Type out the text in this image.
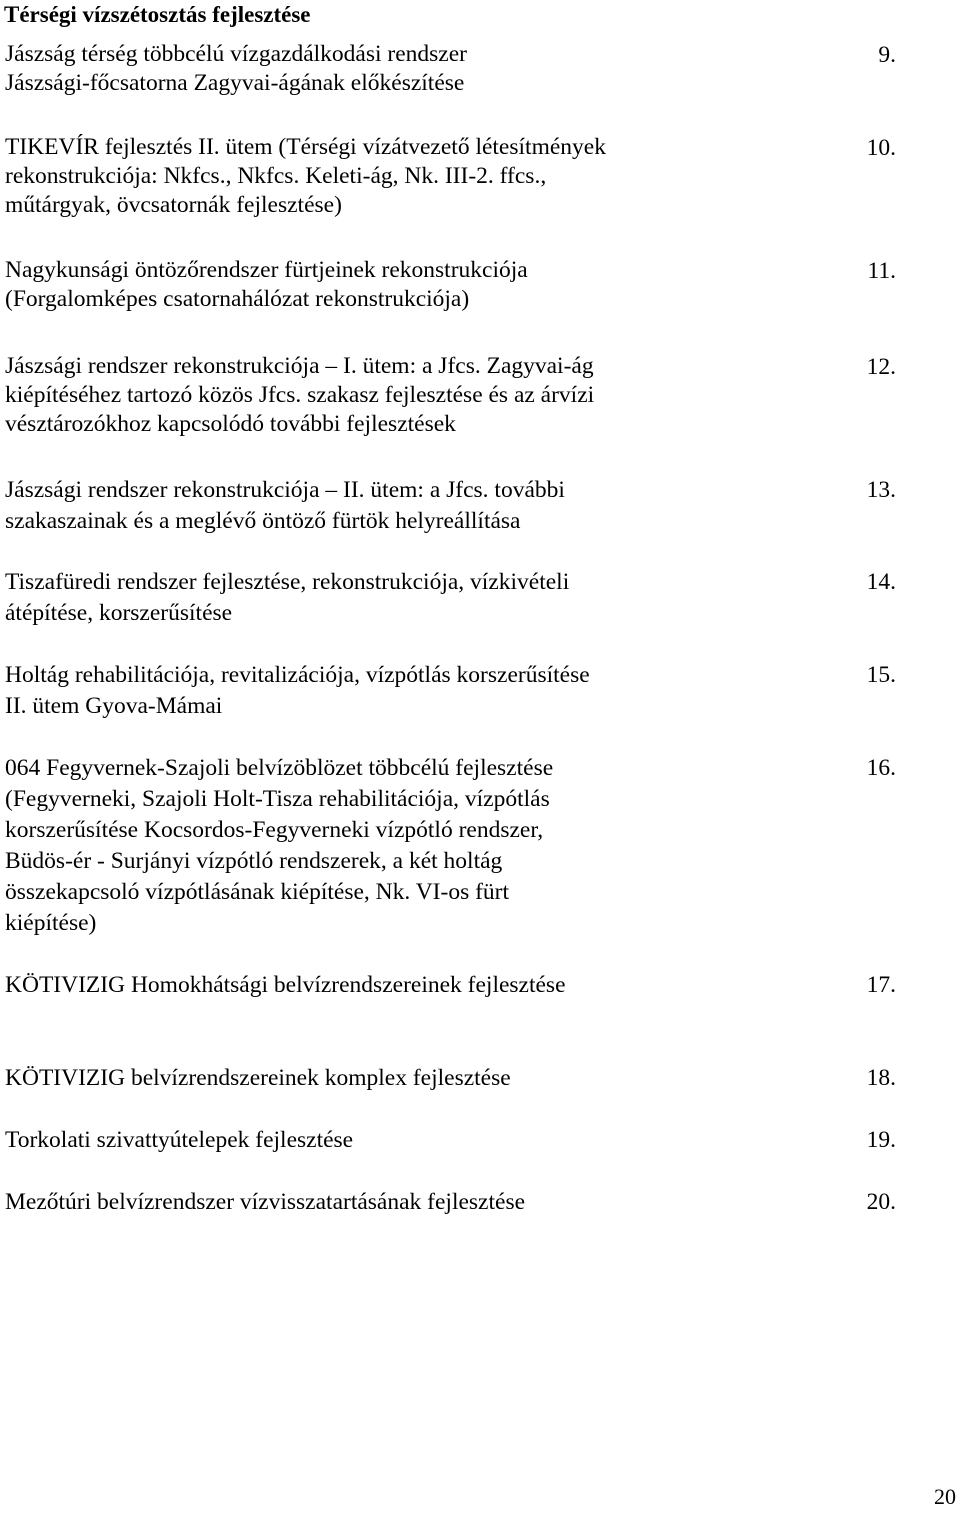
Térségi vízszétosztás fejlesztése
Jászság térség többcélú vízgazdálkodási rendszer
Jászsági-főcsatorna Zagyvai-ágának előkészítése
9.
TIKEVÍR fejlesztés II. ütem (Térségi vízátvezető létesítmények
rekonstrukciója: Nkfcs., Nkfcs. Keleti-ág, Nk. III-2. ffcs.,
műtárgyak, övcsatornák fejlesztése)
10.
Nagykunsági öntözőrendszer fürtjeinek rekonstrukciója
(Forgalomképes csatornahálózat rekonstrukciója)
11.
Jászsági rendszer rekonstrukciója – I. ütem: a Jfcs. Zagyvai-ág
kiépítéséhez tartozó közös Jfcs. szakasz fejlesztése és az árvízi
vésztározókhoz kapcsolódó további fejlesztések
12.
Jászsági rendszer rekonstrukciója – II. ütem: a Jfcs. további
szakaszainak és a meglévő öntöző fürtök helyreállítása
13.
Tiszafüredi rendszer fejlesztése, rekonstrukciója, vízkivételi
átépítése, korszerűsítése
14.
Holtág rehabilitációja, revitalizációja, vízpótlás korszerűsítése
II. ütem Gyova-Mámai
15.
064 Fegyvernek-Szajoli belvízöblözet többcélú fejlesztése
(Fegyverneki, Szajoli Holt-Tisza rehabilitációja, vízpótlás
korszerűsítése Kocsordos-Fegyverneki vízpótló rendszer,
Büdös-ér - Surjányi vízpótló rendszerek, a két holtág
összekapcsoló vízpótlásának kiépítése, Nk. VI-os fürt
kiépítése)
16.
KÖTIVIZIG Homokhátsági belvízrendszereinek fejlesztése	17.
KÖTIVIZIG belvízrendszereinek komplex fejlesztése	18.
Torkolati szivattyútelepek fejlesztése	19.
Mezőtúri belvízrendszer vízvisszatartásának fejlesztése	20.
20
